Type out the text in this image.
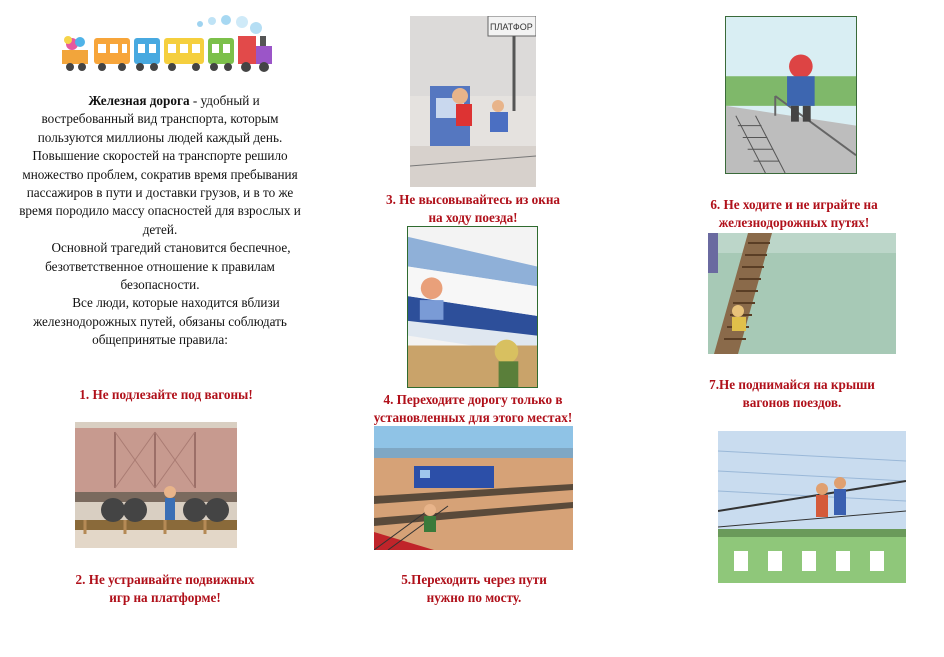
Железная дорога - удобный и востребованный вид транспорта, которым пользуются миллионы людей каждый день. Повышение скоростей на транспорте решило множество проблем, сократив время пребывания пассажиров в пути и доставки грузов, и в то же время породило массу опасностей для взрослых и детей.

Основной трагедий становится беспечное, безответственное отношение к правилам безопасности.

Все люди, которые находится вблизи железнодорожных путей, обязаны соблюдать общепринятые правила:

1. Не подлезайте под вагоны!
2. Не устраивайте подвижных
игр на платформе!
ПЛАТФОР
3. Не высовывайтесь из окна
на ходу поезда!
4. Переходите дорогу только в
установленных для этого местах!
5.Переходить через пути
нужно по мосту.
6. Не ходите и не играйте на
железнодорожных путях!
7.Не поднимайся на крыши
вагонов поездов.
